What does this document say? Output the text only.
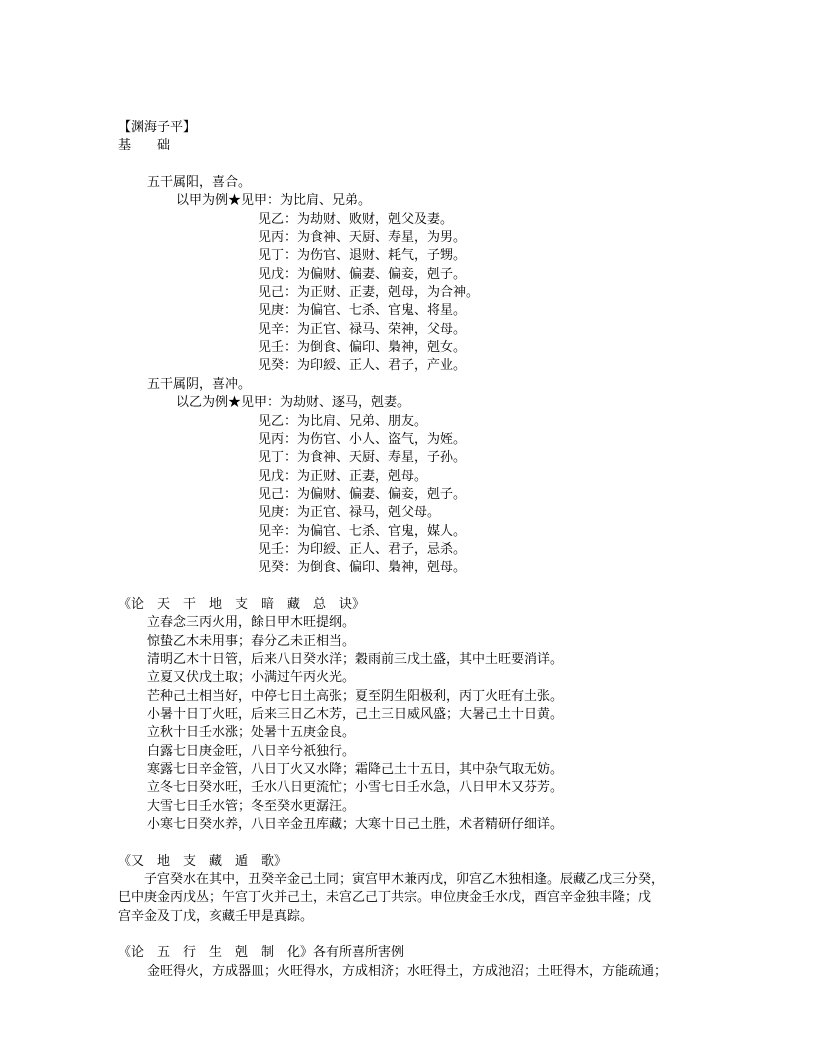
【渊海子平】
基　　础
五干属阳，喜合。
以甲为例★见甲：为比肩、兄弟。
见乙：为劫财、败财，剋父及妻。
见丙：为食神、天厨、寿星，为男。
见丁：为伤官、退财、耗气，子甥。
见戊：为偏财、偏妻、偏妾，剋子。
见己：为正财、正妻，剋母，为合神。
见庚：为偏官、七杀、官鬼、将星。
见辛：为正官、禄马、荣神，父母。
见壬：为倒食、偏印、梟神，剋女。
见癸：为印綬、正人、君子，产业。
五干属阴，喜冲。
以乙为例★见甲：为劫财、逐马，剋妻。
见乙：为比肩、兄弟、朋友。
见丙：为伤官、小人、盗气，为姪。
见丁：为食神、天厨、寿星，子孙。
见戊：为正财、正妻，剋母。
见己：为偏财、偏妻、偏妾，剋子。
见庚：为正官、禄马，剋父母。
见辛：为偏官、七杀、官鬼，媒人。
见壬：为印綬、正人、君子，忌杀。
见癸：为倒食、偏印、梟神，剋母。
《论　天　干　地　支　暗　藏　总　诀》
立春念三丙火用，餘日甲木旺提纲。
惊蛰乙木未用事；春分乙未正相当。
清明乙木十日管，后来八日癸水洋；穀雨前三戊土盛，其中土旺要消详。
立夏又伏戊土取；小满过午丙火光。
芒种己土相当好，中停七日土高张；夏至阴生阳极利，丙丁火旺有土张。
小暑十日丁火旺，后来三日乙木芳，己土三日威风盛；大暑己土十日黄。
立秋十日壬水涨；处暑十五庚金良。
白露七日庚金旺，八日辛兮祇独行。
寒露七日辛金管，八日丁火又水降；霜降己土十五日，其中杂气取无妨。
立冬七日癸水旺，壬水八日更流忙；小雪七日壬水急，八日甲木又芬芳。
大雪七日壬水管；冬至癸水更潺汪。
小寒七日癸水养，八日辛金丑库藏；大寒十日己土胜，术者精研仔细详。
《又　地　支　藏　遁　歌》
　　子宫癸水在其中，丑癸辛金己土同；寅宫甲木兼丙戊，卯宫乙木独相逢。辰藏乙戊三分癸，
巳中庚金丙戊丛；午宫丁火并己土，未宫乙己丁共宗。申位庚金壬水戊，酉宫辛金独丰隆；戊
宫辛金及丁戊，亥藏壬甲是真踪。
《论　五　行　生　剋　制　化》各有所喜所害例
金旺得火，方成器皿；火旺得水，方成相济；水旺得土，方成池沼；土旺得木，方能疏通；
